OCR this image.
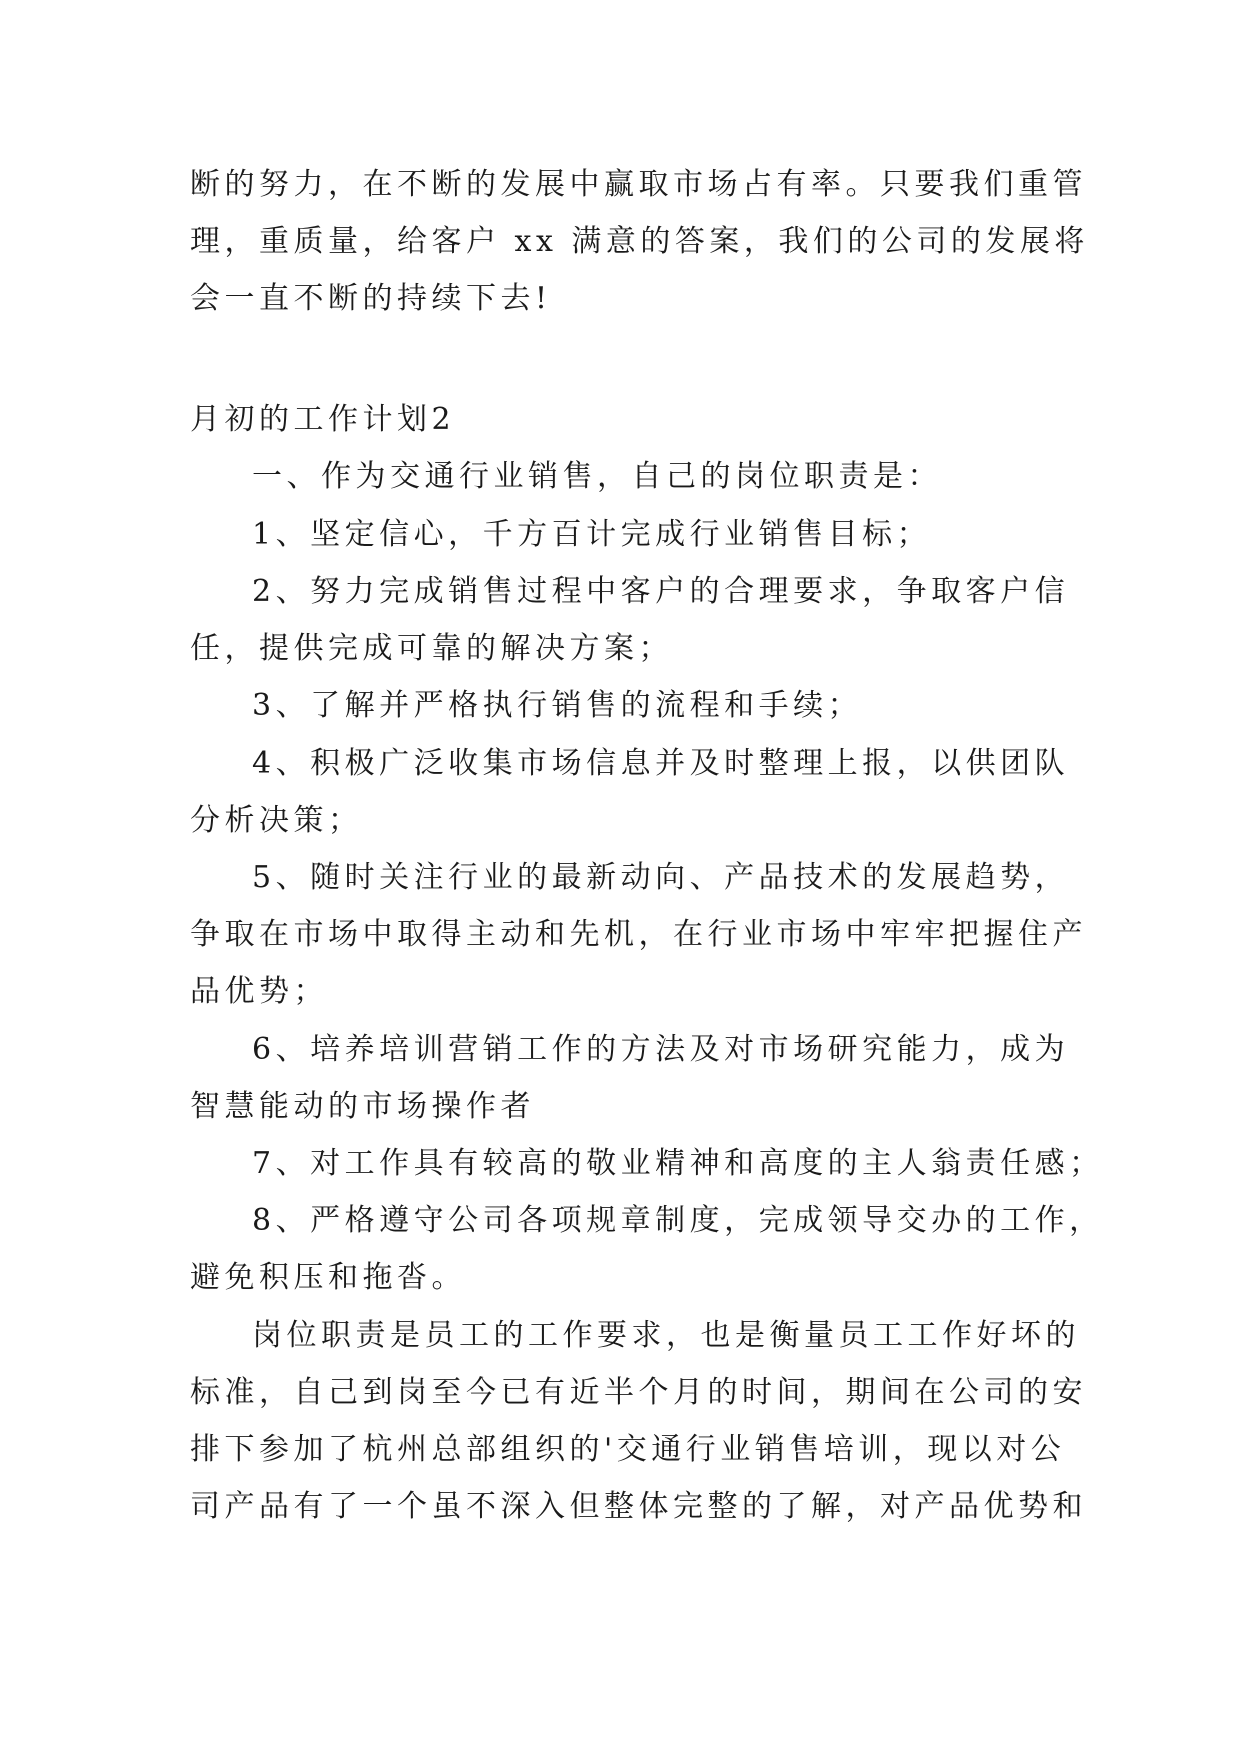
断的努力，在不断的发展中赢取市场占有率。只要我们重管
理，重质量，给客户 xx 满意的答案，我们的公司的发展将
会一直不断的持续下去!
月初的工作计划2
一、作为交通行业销售，自己的岗位职责是：
1、坚定信心，千方百计完成行业销售目标；
2、努力完成销售过程中客户的合理要求，争取客户信
任，提供完成可靠的解决方案；
3、了解并严格执行销售的流程和手续；
4、积极广泛收集市场信息并及时整理上报，以供团队
分析决策；
5、随时关注行业的最新动向、产品技术的发展趋势，
争取在市场中取得主动和先机，在行业市场中牢牢把握住产
品优势；
6、培养培训营销工作的方法及对市场研究能力，成为
智慧能动的市场操作者
7、对工作具有较高的敬业精神和高度的主人翁责任感；
8、严格遵守公司各项规章制度，完成领导交办的工作，
避免积压和拖沓。
岗位职责是员工的工作要求，也是衡量员工工作好坏的
标准，自己到岗至今已有近半个月的时间，期间在公司的安
排下参加了杭州总部组织的'交通行业销售培训，现以对公
司产品有了一个虽不深入但整体完整的了解，对产品优势和
